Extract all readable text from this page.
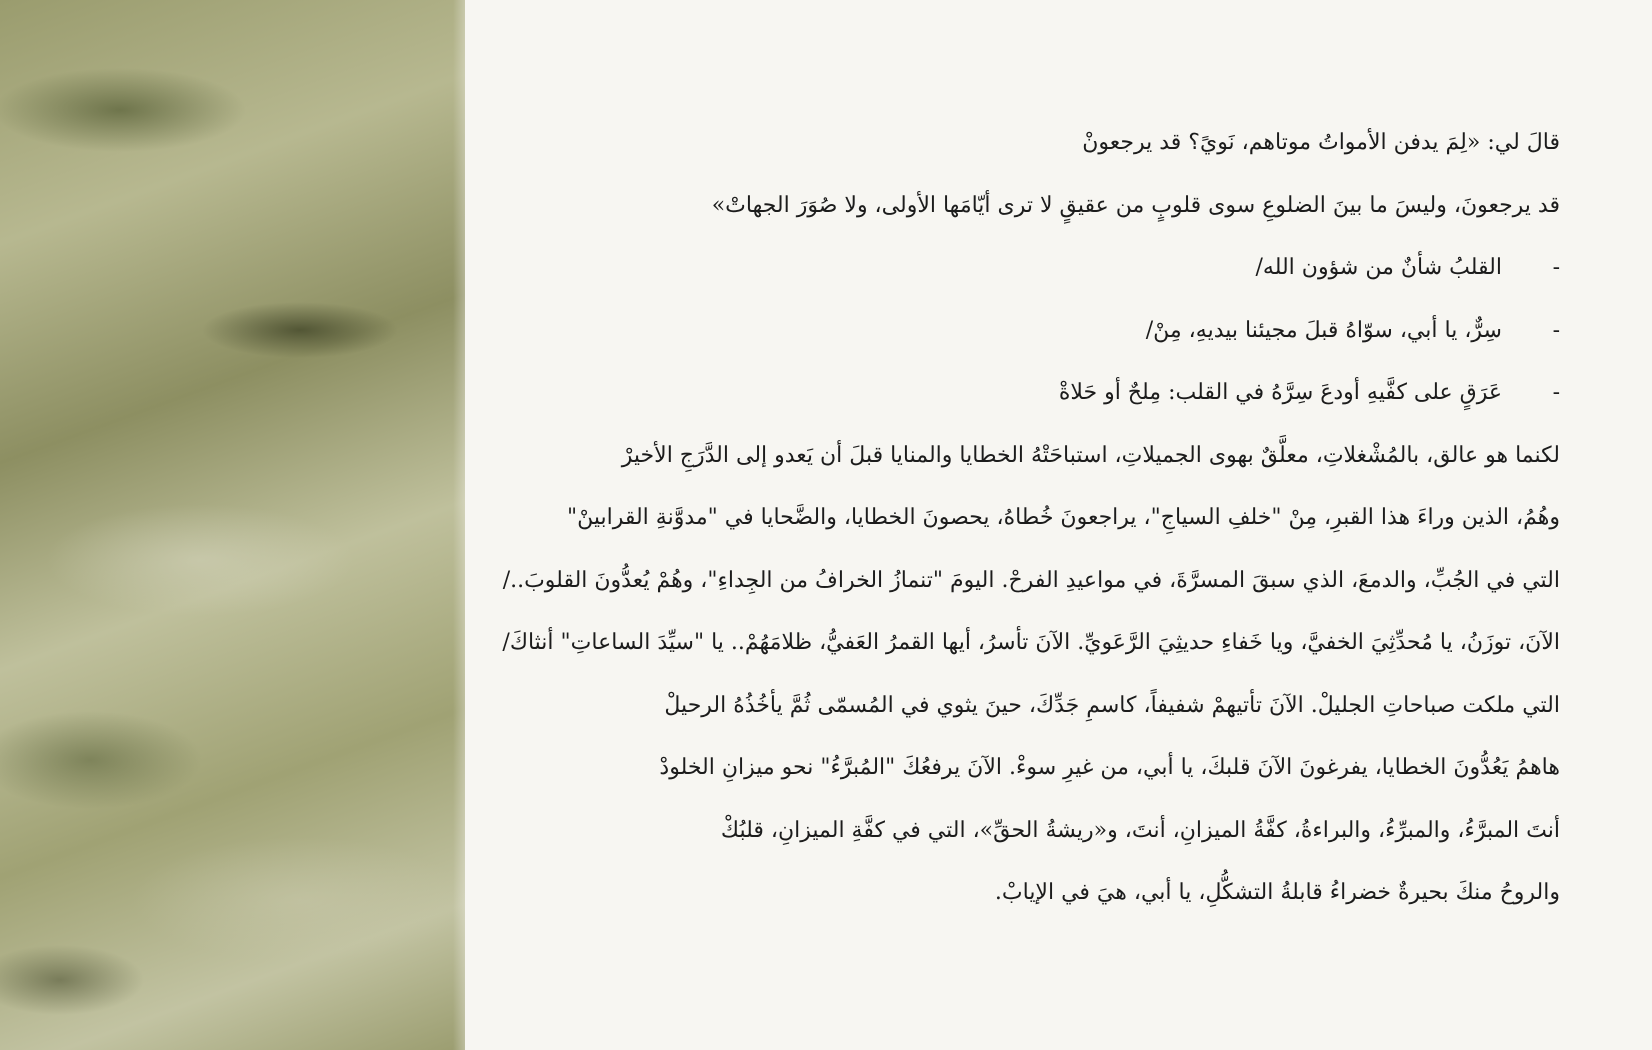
قالَ لي: «لِمَ يدفن الأمواتُ موتاهم، نَويً؟ قد يرجعونْ
قد يرجعونَ، وليسَ ما بينَ الضلوعِ سوى قلوبٍ من عقيقٍ لا ترى أيّامَها الأولى، ولا صُوَرَ الجهاتْ»
-القلبُ شأنٌ من شؤون الله/
-سِرٌّ، يا أبي، سوّاهُ قبلَ مجيئنا بيديهِ، مِنْ/
-عَرَقٍ على كفَّيهِ أودعَ سِرَّهُ في القلب: مِلحٌ أو حَلاةْ
لكنما هو عالق، بالمُشْغلاتِ، معلَّقٌ بهوى الجميلاتِ، استباحَتْهُ الخطايا والمنايا قبلَ أن يَعدو إلى الدَّرَجِ الأخيرْ
وهُمُ، الذين وراءَ هذا القبرِ، مِنْ "خلفِ السياجِ"، يراجعونَ خُطاهُ، يحصونَ الخطايا، والضَّحايا في "مدوَّنةِ القرابينْ"
التي في الجُبِّ، والدمعَ، الذي سبقَ المسرَّةَ، في مواعيدِ الفرحْ. اليومَ "تنمازُ الخرافُ من الجِداءِ"، وهُمْ يُعدُّونَ القلوبَ../
الآنَ، توزَنُ، يا مُحدِّثِيَ الخفيَّ، ويا خَفاءِ حديثِيَ الرَّعَويِّ. الآنَ تأسرُ، أيها القمرُ العَفيُّ، ظلامَهُمْ.. يا "سيِّدَ الساعاتِ" أنثاكَ/
التي ملكت صباحاتِ الجليلْ. الآنَ تأتيهمْ شفيفاً، كاسمِ جَدِّكَ، حينَ يثوي في المُسمّى ثُمَّ يأخُذُهُ الرحيلْ
هاهمُ يَعُدُّونَ الخطايا، يفرغونَ الآنَ قلبكَ، يا أبي، من غيرِ سوءْ. الآنَ يرفعُكَ "المُبرَّءُ" نحو ميزانِ الخلودْ
أنتَ المبرَّءُ، والمبرِّءُ، والبراءةُ، كفَّةُ الميزانِ، أنتَ، و«ريشةُ الحقِّ»، التي في كفَّةِ الميزانِ، قلبُكْ
والروحُ منكَ بحيرةٌ خضراءُ قابلةُ التشكُّلِ، يا أبي، هيَ في الإيابْ.
